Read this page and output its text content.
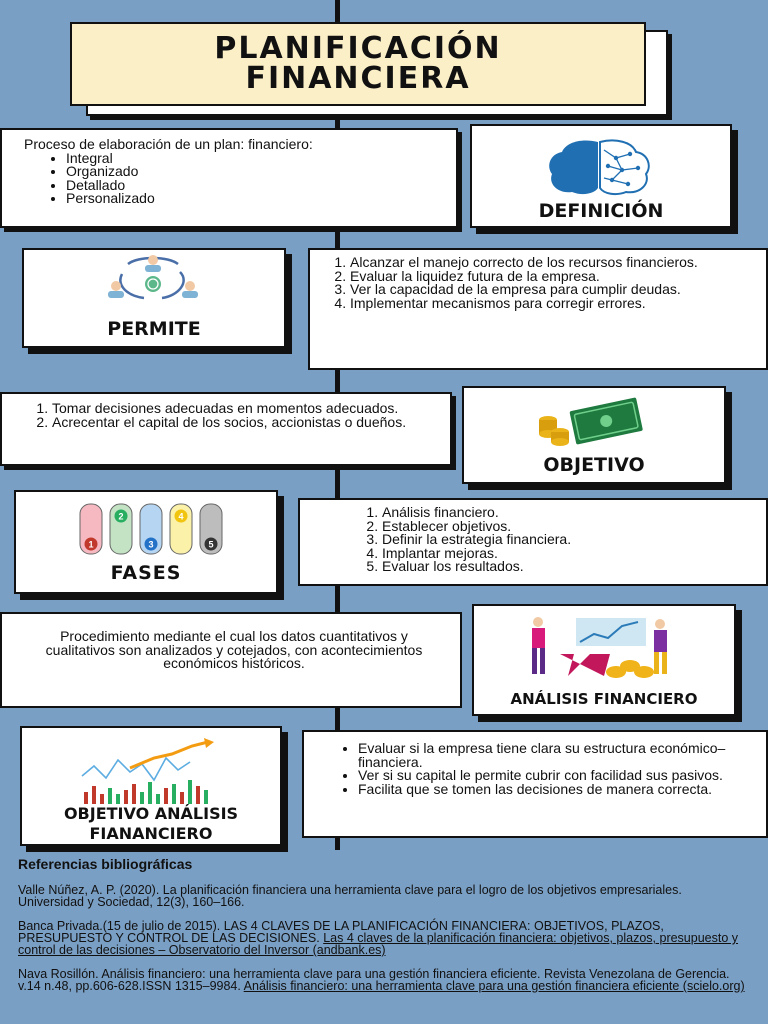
PLANIFICACIÓN
FINANCIERA
Proceso de elaboración de un plan: financiero:
• Integral
• Organizado
• Detallado
• Personalizado
DEFINICIÓN
PERMITE
1. Alcanzar el manejo correcto de los recursos financieros.
2. Evaluar la liquidez futura de la empresa.
3. Ver la capacidad de la empresa para cumplir deudas.
4. Implementar mecanismos para corregir errores.
1. Tomar decisiones adecuadas en momentos adecuados.
2. Acrecentar el capital de los socios, accionistas o dueños.
OBJETIVO
1
2
3
4
5
FASES
1. Análisis financiero.
2. Establecer objetivos.
3. Definir la estrategia financiera.
4. Implantar mejoras.
5. Evaluar los resultados.
Procedimiento mediante el cual los datos cuantitativos y cualitativos son analizados y cotejados, con acontecimientos económicos históricos.
ANÁLISIS FINANCIERO
OBJETIVO ANÁLISIS
FIANANCIERO
• Evaluar si la empresa tiene clara su estructura económico–financiera.
• Ver si su capital le permite cubrir con facilidad sus pasivos.
• Facilita que se tomen las decisiones de manera correcta.
Referencias bibliográficas

Valle Núñez, A. P. (2020). La planificación financiera una herramienta clave para el logro de los objetivos empresariales. Universidad y Sociedad, 12(3), 160–166.

Banca Privada.(15 de julio de 2015). LAS 4 CLAVES DE LA PLANIFICACIÓN FINANCIERA: OBJETIVOS, PLAZOS, PRESUPUESTO Y CONTROL DE LAS DECISIONES. Las 4 claves de la planificación financiera: objetivos, plazos, presupuesto y control de las decisiones – Observatorio del Inversor (andbank.es)

Nava Rosillón. Análisis financiero: una herramienta clave para una gestión financiera eficiente. Revista Venezolana de Gerencia. v.14 n.48, pp.606-628.ISSN 1315–9984. Análisis financiero: una herramienta clave para una gestión financiera eficiente (scielo.org)
